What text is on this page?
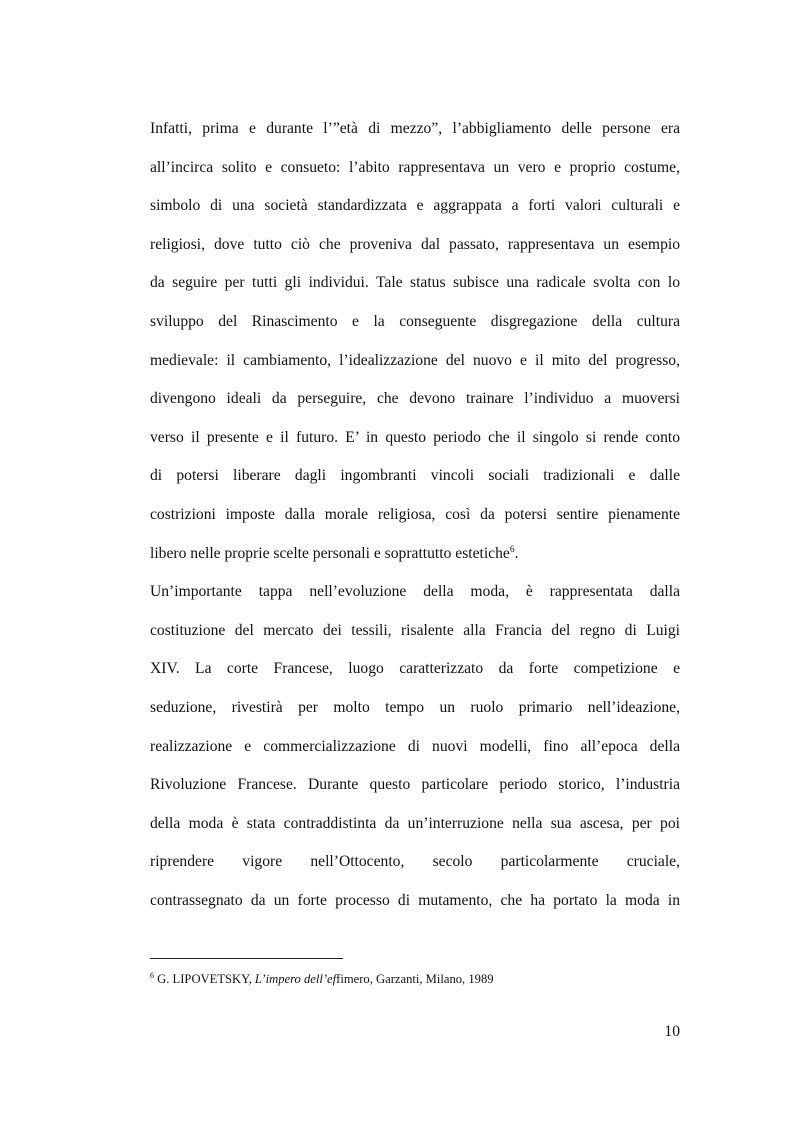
Infatti, prima e durante l’”età di mezzo”, l’abbigliamento delle persone era
all’incirca solito e consueto: l’abito rappresentava un vero e proprio costume,
simbolo di una società standardizzata e aggrappata a forti valori culturali e
religiosi, dove tutto ciò che proveniva dal passato, rappresentava un esempio
da seguire per tutti gli individui. Tale status subisce una radicale svolta con lo
sviluppo del Rinascimento e la conseguente disgregazione della cultura
medievale: il cambiamento, l’idealizzazione del nuovo e il mito del progresso,
divengono ideali da perseguire, che devono trainare l’individuo a muoversi
verso il presente e il futuro. E’ in questo periodo che il singolo si rende conto
di potersi liberare dagli ingombranti vincoli sociali tradizionali e dalle
costrizioni imposte dalla morale religiosa, così da potersi sentire pienamente
libero nelle proprie scelte personali e soprattutto estetiche$^6$.

Un’importante tappa nell’evoluzione della moda, è rappresentata dalla
costituzione del mercato dei tessili, risalente alla Francia del regno di Luigi
XIV. La corte Francese, luogo caratterizzato da forte competizione e
seduzione, rivestirà per molto tempo un ruolo primario nell’ideazione,
realizzazione e commercializzazione di nuovi modelli, fino all’epoca della
Rivoluzione Francese. Durante questo particolare periodo storico, l’industria
della moda è stata contraddistinta da un’interruzione nella sua ascesa, per poi
riprendere vigore nell’Ottocento, secolo particolarmente cruciale,
contrassegnato da un forte processo di mutamento, che ha portato la moda in

$^6$ G. LIPOVETSKY, L’impero dell’effimero, Garzanti, Milano, 1989
10
